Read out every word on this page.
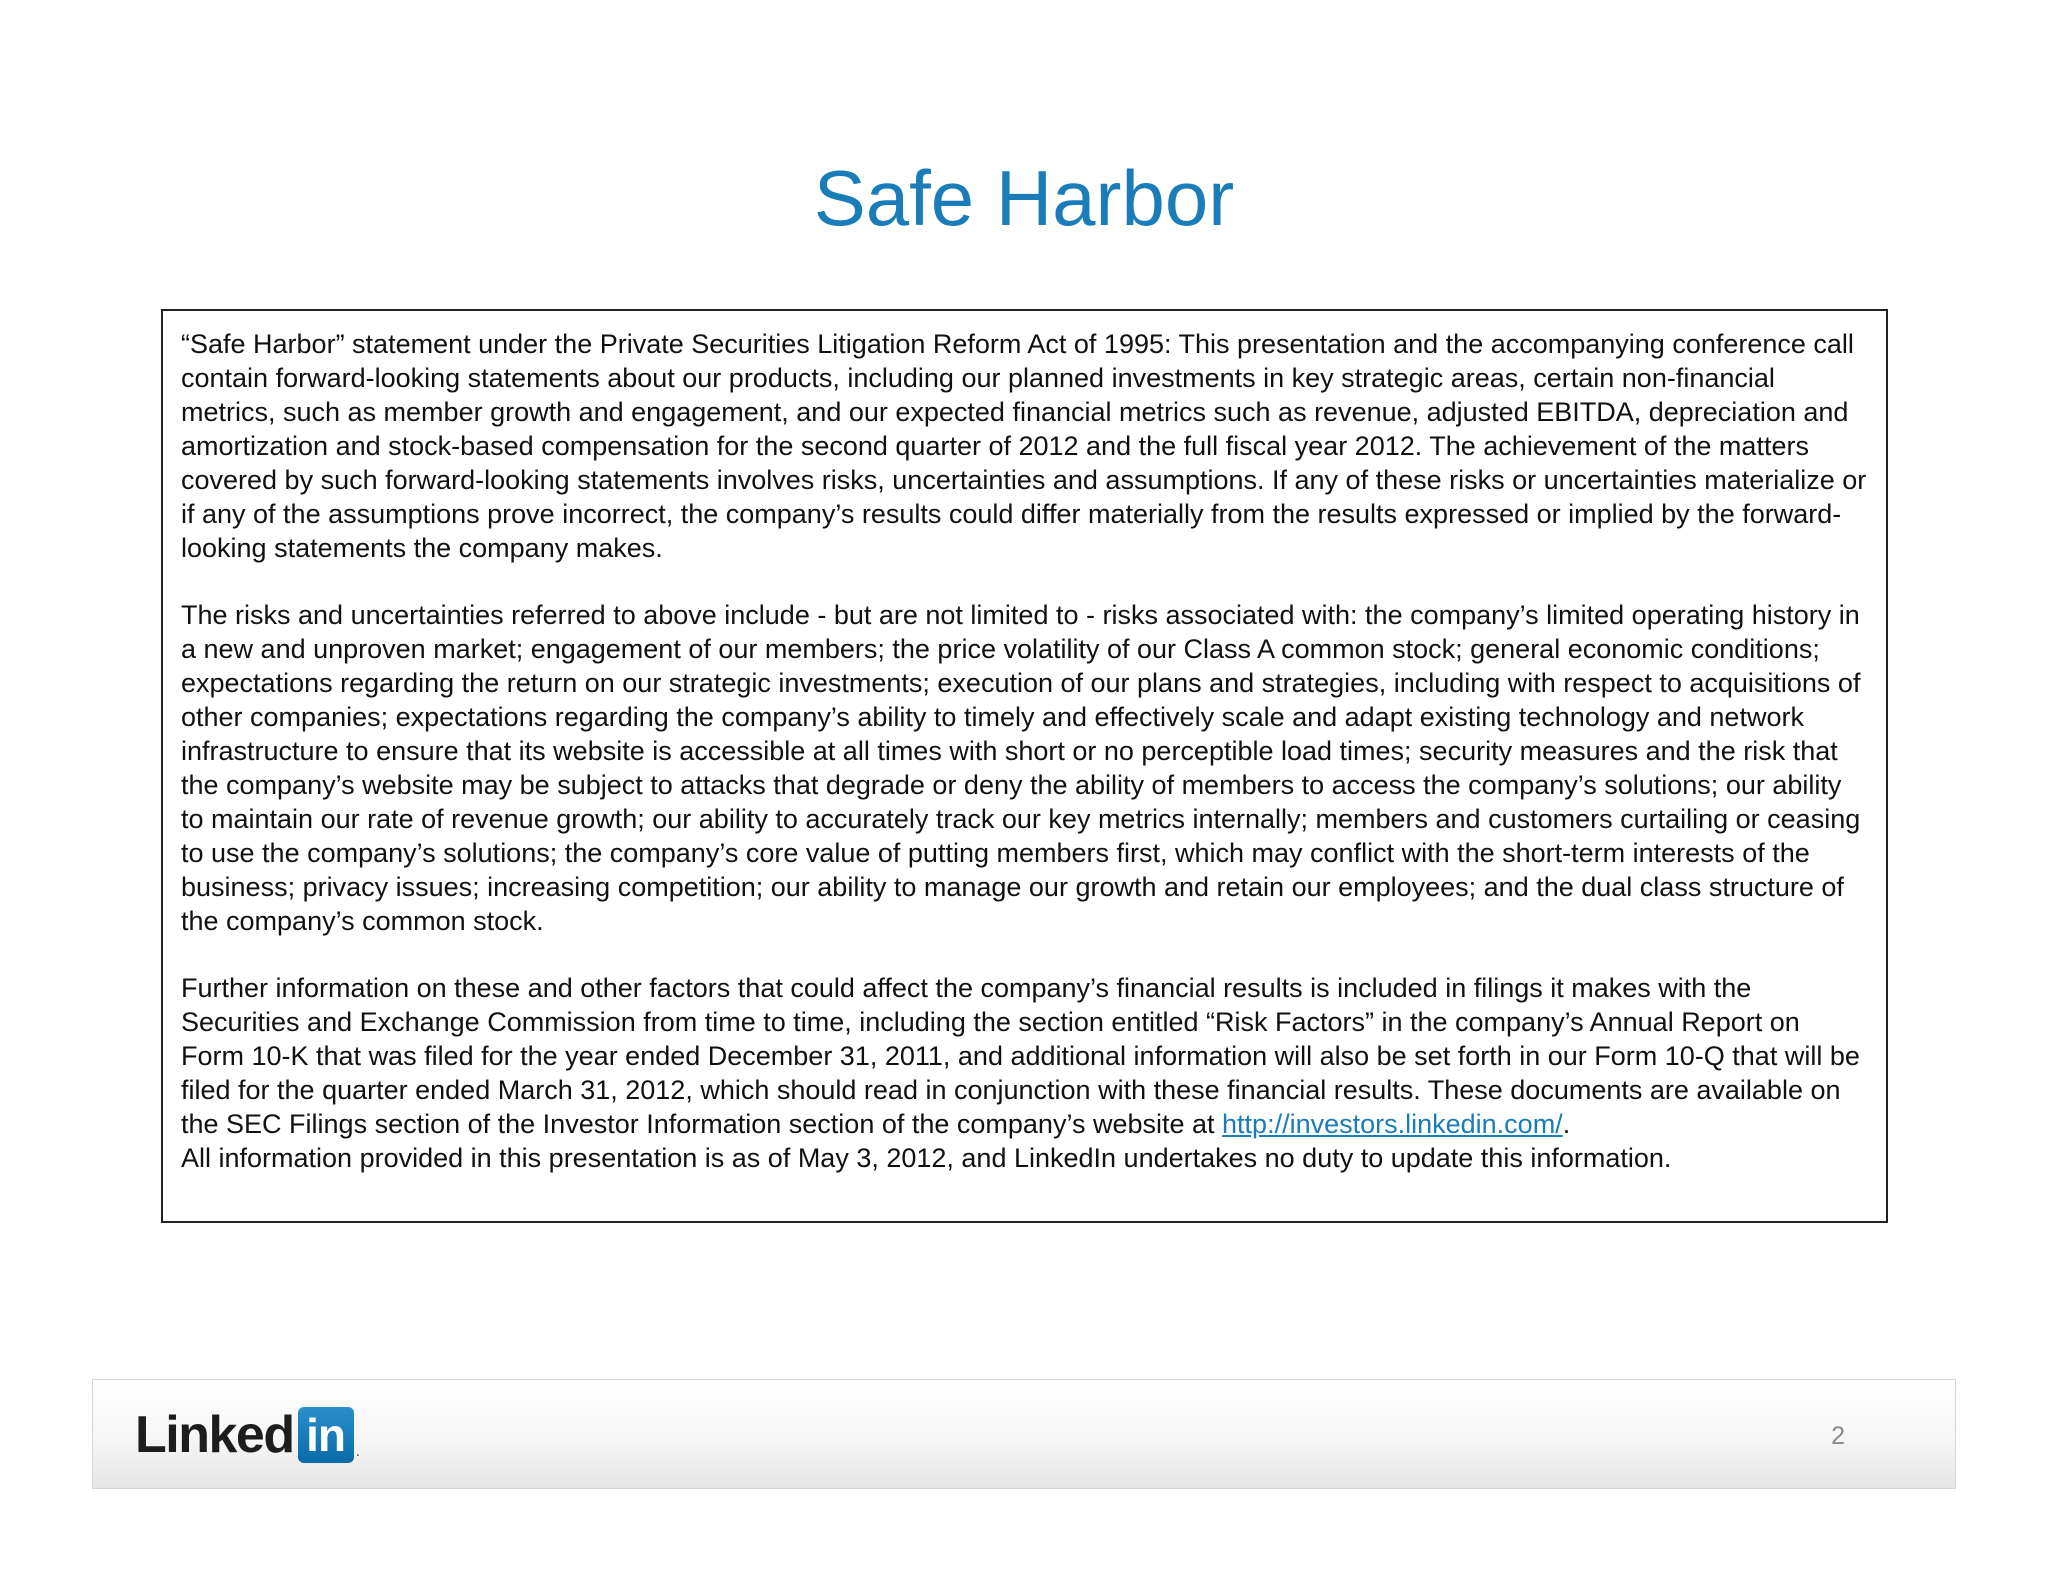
Safe Harbor

“Safe Harbor” statement under the Private Securities Litigation Reform Act of 1995: This presentation and the accompanying conference call contain forward-looking statements about our products, including our planned investments in key strategic areas, certain non-financial metrics, such as member growth and engagement, and our expected financial metrics such as revenue, adjusted EBITDA, depreciation and amortization and stock-based compensation for the second quarter of 2012 and the full fiscal year 2012. The achievement of the matters covered by such forward-looking statements involves risks, uncertainties and assumptions. If any of these risks or uncertainties materialize or if any of the assumptions prove incorrect, the company’s results could differ materially from the results expressed or implied by the forward-looking statements the company makes.

The risks and uncertainties referred to above include - but are not limited to - risks associated with: the company’s limited operating history in a new and unproven market; engagement of our members; the price volatility of our Class A common stock; general economic conditions; expectations regarding the return on our strategic investments; execution of our plans and strategies, including with respect to acquisitions of other companies; expectations regarding the company’s ability to timely and effectively scale and adapt existing technology and network infrastructure to ensure that its website is accessible at all times with short or no perceptible load times; security measures and the risk that the company’s website may be subject to attacks that degrade or deny the ability of members to access the company’s solutions; our ability to maintain our rate of revenue growth; our ability to accurately track our key metrics internally; members and customers curtailing or ceasing to use the company’s solutions; the company’s core value of putting members first, which may conflict with the short-term interests of the business; privacy issues; increasing competition; our ability to manage our growth and retain our employees; and the dual class structure of the company’s common stock.

Further information on these and other factors that could affect the company’s financial results is included in filings it makes with the Securities and Exchange Commission from time to time, including the section entitled “Risk Factors” in the company’s Annual Report on Form 10-K that was filed for the year ended December 31, 2011, and additional information will also be set forth in our Form 10-Q that will be filed for the quarter ended March 31, 2012, which should read in conjunction with these financial results. These documents are available on the SEC Filings section of the Investor Information section of the company’s website at http://investors.linkedin.com/.
All information provided in this presentation is as of May 3, 2012, and LinkedIn undertakes no duty to update this information.

Linked in .
2
